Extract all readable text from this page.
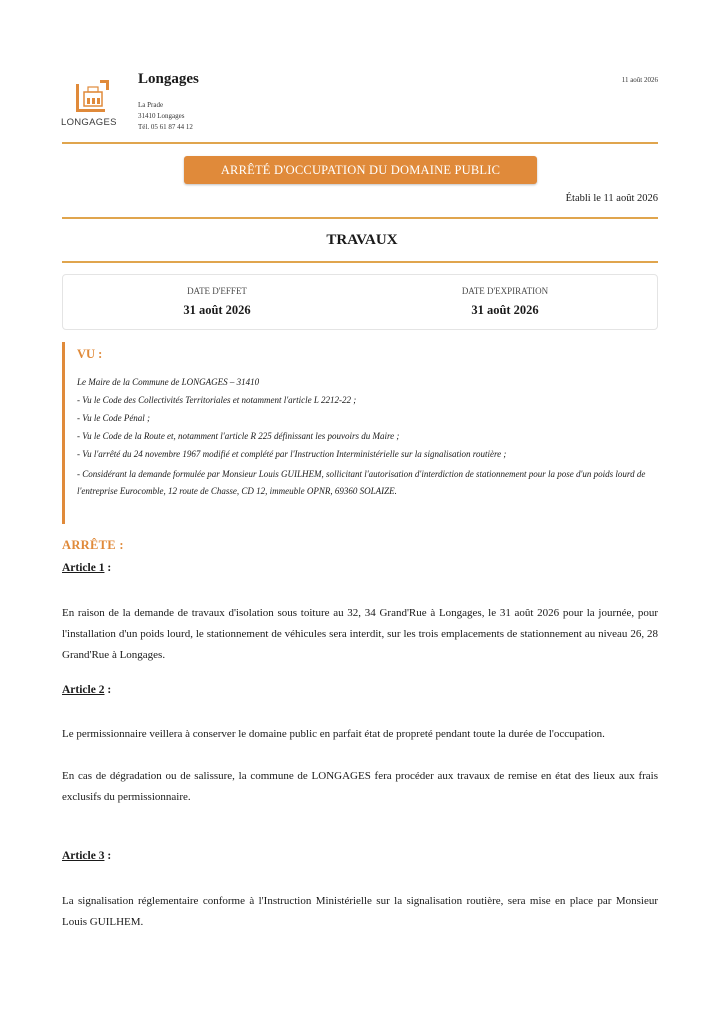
LONGAGES
Longages
La Prade
31410 Longages
Tél. 05 61 87 44 12
11 août 2026
ARRÊTÉ D'OCCUPATION DU DOMAINE PUBLIC
Établi le 11 août 2026
TRAVAUX
DATE D'EFFET
31 août 2026
DATE D'EXPIRATION
31 août 2026
VU :
Le Maire de la Commune de LONGAGES – 31410
- Vu le Code des Collectivités Territoriales et notamment l'article L 2212-22 ;
- Vu le Code Pénal ;
- Vu le Code de la Route et, notamment l'article R 225 définissant les pouvoirs du Maire ;
- Vu l'arrêté du 24 novembre 1967 modifié et complété par l'Instruction Interministérielle sur la signalisation routière ;
- Considérant la demande formulée par Monsieur Louis GUILHEM, sollicitant l'autorisation d'interdiction de stationnement pour la pose d'un poids lourd de l'entreprise Eurocomble, 12 route de Chasse, CD 12, immeuble OPNR, 69360 SOLAIZE.
ARRÊTE :
Article 1 :
En raison de la demande de travaux d'isolation sous toiture au 32, 34 Grand'Rue à Longages, le 31 août 2026 pour la journée, pour l'installation d'un poids lourd, le stationnement de véhicules sera interdit, sur les trois emplacements de stationnement au niveau 26, 28 Grand'Rue à Longages.
Article 2 :
Le permissionnaire veillera à conserver le domaine public en parfait état de propreté pendant toute la durée de l'occupation.
En cas de dégradation ou de salissure, la commune de LONGAGES fera procéder aux travaux de remise en état des lieux aux frais exclusifs du permissionnaire.
Article 3 :
La signalisation réglementaire conforme à l'Instruction Ministérielle sur la signalisation routière, sera mise en place par Monsieur Louis GUILHEM.
